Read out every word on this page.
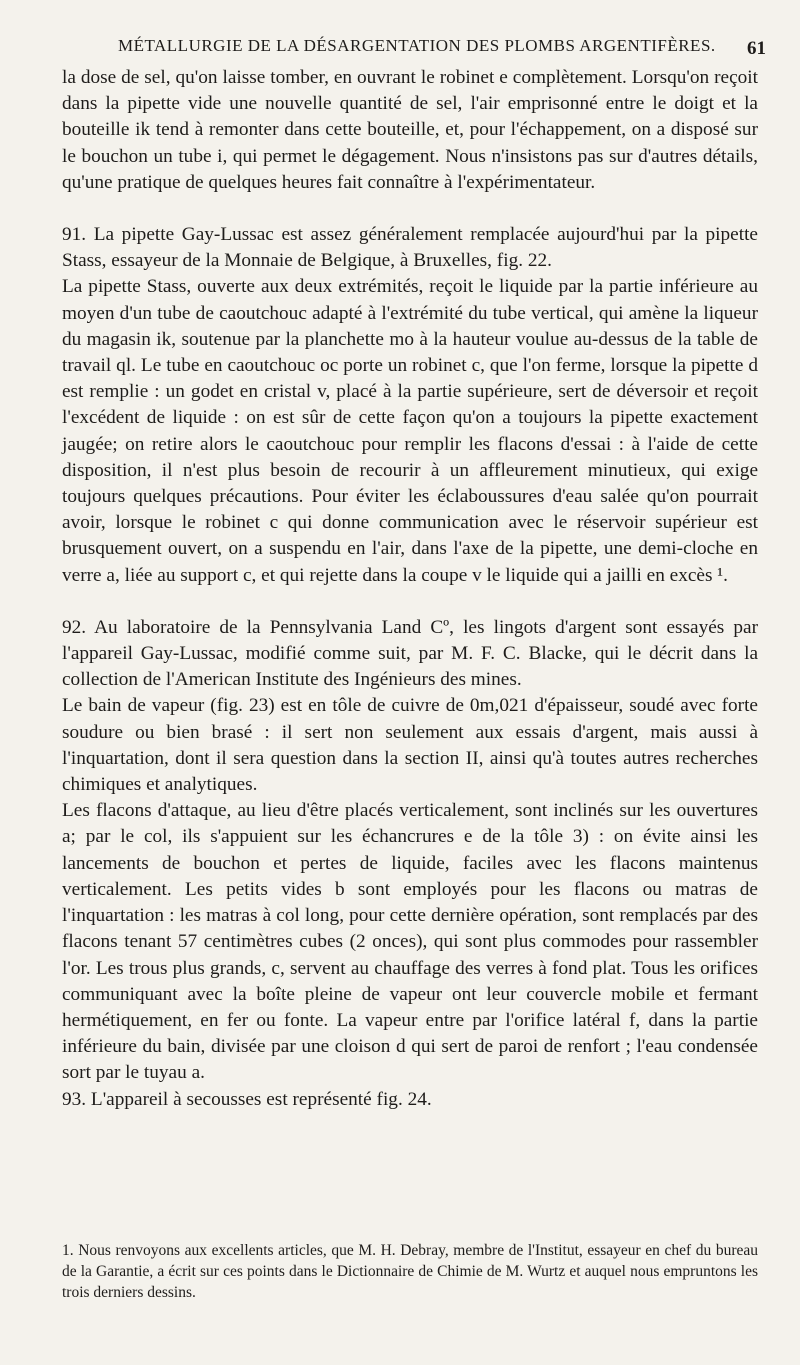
MÉTALLURGIE DE LA DÉSARGENTATION DES PLOMBS ARGENTIFÈRES. 61

la dose de sel, qu'on laisse tomber, en ouvrant le robinet e complètement. Lorsqu'on reçoit dans la pipette vide une nouvelle quantité de sel, l'air emprisonné entre le doigt et la bouteille ik tend à remonter dans cette bouteille, et, pour l'échappement, on a disposé sur le bouchon un tube i, qui permet le dégagement. Nous n'insistons pas sur d'autres détails, qu'une pratique de quelques heures fait connaître à l'expérimentateur.

91. La pipette Gay-Lussac est assez généralement remplacée aujourd'hui par la pipette Stass, essayeur de la Monnaie de Belgique, à Bruxelles, fig. 22.

La pipette Stass, ouverte aux deux extrémités, reçoit le liquide par la partie inférieure au moyen d'un tube de caoutchouc adapté à l'extrémité du tube vertical, qui amène la liqueur du magasin ik, soutenue par la planchette mo à la hauteur voulue au-dessus de la table de travail ql. Le tube en caoutchouc oc porte un robinet c, que l'on ferme, lorsque la pipette d est remplie : un godet en cristal v, placé à la partie supérieure, sert de déversoir et reçoit l'excédent de liquide : on est sûr de cette façon qu'on a toujours la pipette exactement jaugée; on retire alors le caoutchouc pour remplir les flacons d'essai : à l'aide de cette disposition, il n'est plus besoin de recourir à un affleurement minutieux, qui exige toujours quelques précautions. Pour éviter les éclaboussures d'eau salée qu'on pourrait avoir, lorsque le robinet c qui donne communication avec le réservoir supérieur est brusquement ouvert, on a suspendu en l'air, dans l'axe de la pipette, une demi-cloche en verre a, liée au support c, et qui rejette dans la coupe v le liquide qui a jailli en excès ¹.

92. Au laboratoire de la Pennsylvania Land Cº, les lingots d'argent sont essayés par l'appareil Gay-Lussac, modifié comme suit, par M. F. C. Blacke, qui le décrit dans la collection de l'American Institute des Ingénieurs des mines.

Le bain de vapeur (fig. 23) est en tôle de cuivre de 0m,021 d'épaisseur, soudé avec forte soudure ou bien brasé : il sert non seulement aux essais d'argent, mais aussi à l'inquartation, dont il sera question dans la section II, ainsi qu'à toutes autres recherches chimiques et analytiques.

Les flacons d'attaque, au lieu d'être placés verticalement, sont inclinés sur les ouvertures a; par le col, ils s'appuient sur les échancrures e de la tôle 3) : on évite ainsi les lancements de bouchon et pertes de liquide, faciles avec les flacons maintenus verticalement. Les petits vides b sont employés pour les flacons ou matras de l'inquartation : les matras à col long, pour cette dernière opération, sont remplacés par des flacons tenant 57 centimètres cubes (2 onces), qui sont plus commodes pour rassembler l'or. Les trous plus grands, c, servent au chauffage des verres à fond plat. Tous les orifices communiquant avec la boîte pleine de vapeur ont leur couvercle mobile et fermant hermétiquement, en fer ou fonte. La vapeur entre par l'orifice latéral f, dans la partie inférieure du bain, divisée par une cloison d qui sert de paroi de renfort ; l'eau condensée sort par le tuyau a.

93. L'appareil à secousses est représenté fig. 24.

1. Nous renvoyons aux excellents articles, que M. H. Debray, membre de l'Institut, essayeur en chef du bureau de la Garantie, a écrit sur ces points dans le Dictionnaire de Chimie de M. Wurtz et auquel nous empruntons les trois derniers dessins.
